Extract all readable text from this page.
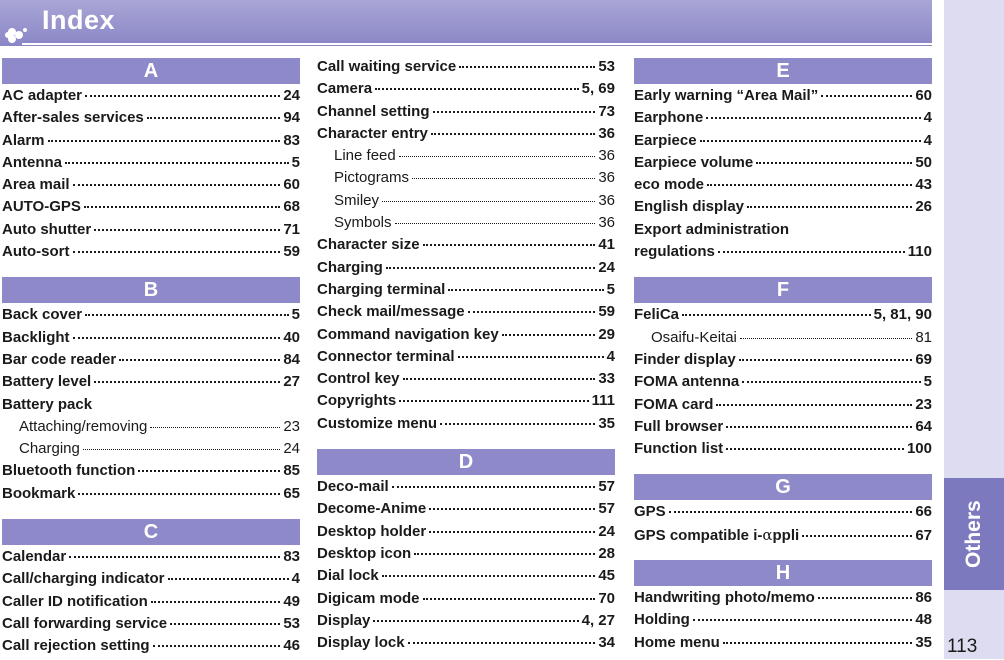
Index
Others
113
A
AC adapter	24
After-sales services	94
Alarm	83
Antenna	5
Area mail	60
AUTO-GPS	68
Auto shutter	71
Auto-sort	59
B
Back cover	5
Backlight	40
Bar code reader	84
Battery level	27
Battery pack
Attaching/removing	23
Charging	24
Bluetooth function	85
Bookmark	65
C
Calendar	83
Call/charging indicator	4
Caller ID notification	49
Call forwarding service	53
Call rejection setting	46
Call waiting service	53
Camera	5, 69
Channel setting	73
Character entry	36
Line feed	36
Pictograms	36
Smiley	36
Symbols	36
Character size	41
Charging	24
Charging terminal	5
Check mail/message	59
Command navigation key	29
Connector terminal	4
Control key	33
Copyrights	111
Customize menu	35
D
Deco-mail	57
Decome-Anime	57
Desktop holder	24
Desktop icon	28
Dial lock	45
Digicam mode	70
Display	4, 27
Display lock	34
E
Early warning “Area Mail”	60
Earphone	4
Earpiece	4
Earpiece volume	50
eco mode	43
English display	26
Export administration
regulations	110
F
FeliCa	5, 81, 90
Osaifu-Keitai	81
Finder display	69
FOMA antenna	5
FOMA card	23
Full browser	64
Function list	100
G
GPS	66
GPS compatible i-αppli	67
H
Handwriting photo/memo	86
Holding	48
Home menu	35
